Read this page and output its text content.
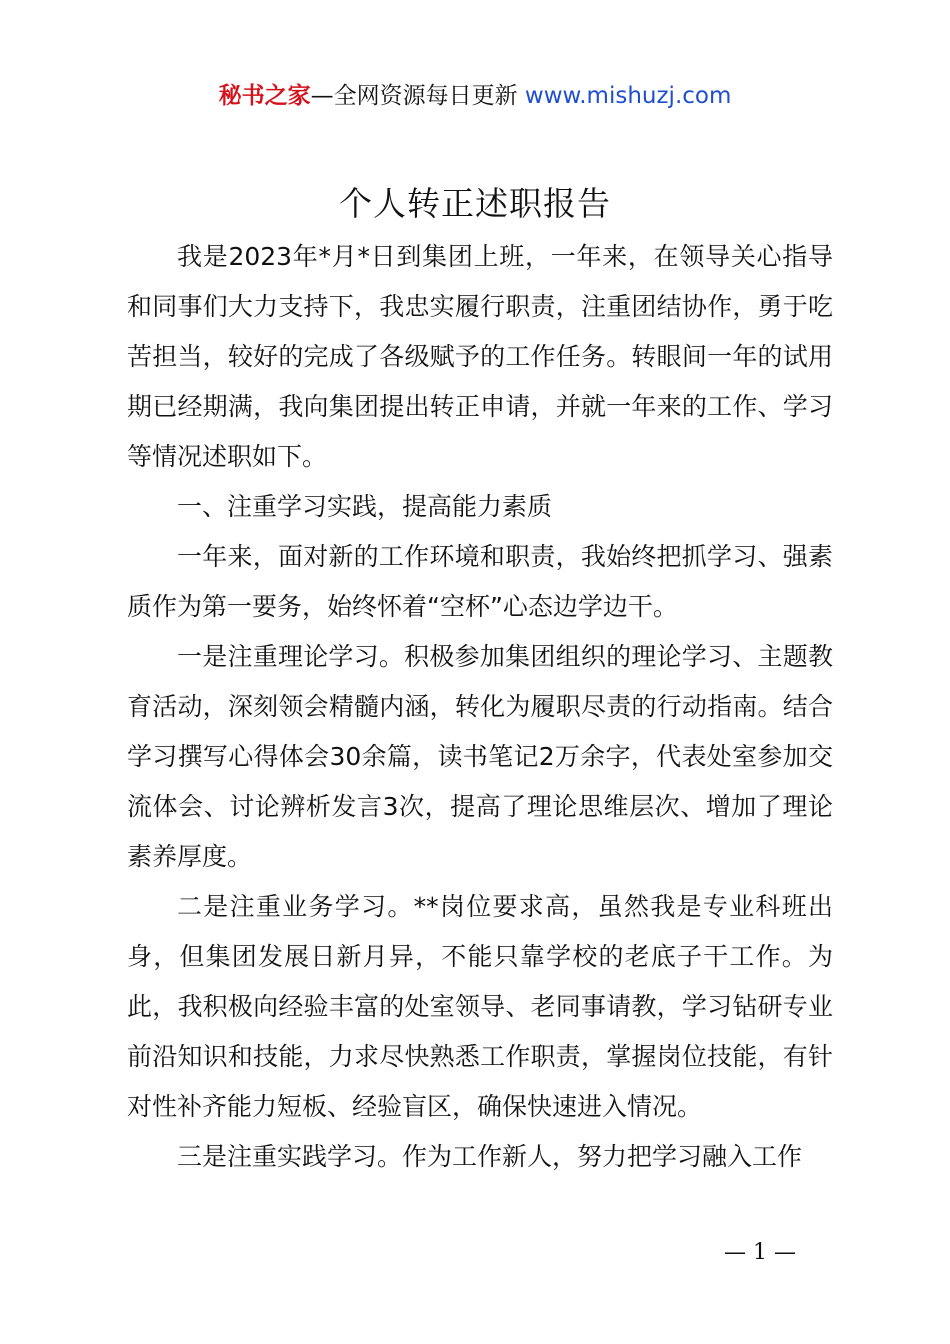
秘书之家—全网资源每日更新 www.mishuzj.com
个人转正述职报告

我是2023年*月*日到集团上班，一年来，在领导关心指导和同事们大力支持下，我忠实履行职责，注重团结协作，勇于吃苦担当，较好的完成了各级赋予的工作任务。转眼间一年的试用期已经期满，我向集团提出转正申请，并就一年来的工作、学习等情况述职如下。

一、注重学习实践，提高能力素质

一年来，面对新的工作环境和职责，我始终把抓学习、强素质作为第一要务，始终怀着“空杯”心态边学边干。

一是注重理论学习。积极参加集团组织的理论学习、主题教育活动，深刻领会精髓内涵，转化为履职尽责的行动指南。结合学习撰写心得体会30余篇，读书笔记2万余字，代表处室参加交流体会、讨论辨析发言3次，提高了理论思维层次、增加了理论素养厚度。

二是注重业务学习。**岗位要求高，虽然我是专业科班出身，但集团发展日新月异，不能只靠学校的老底子干工作。为此，我积极向经验丰富的处室领导、老同事请教，学习钻研专业前沿知识和技能，力求尽快熟悉工作职责，掌握岗位技能，有针对性补齐能力短板、经验盲区，确保快速进入情况。

三是注重实践学习。作为工作新人，努力把学习融入工作

— 1 —
